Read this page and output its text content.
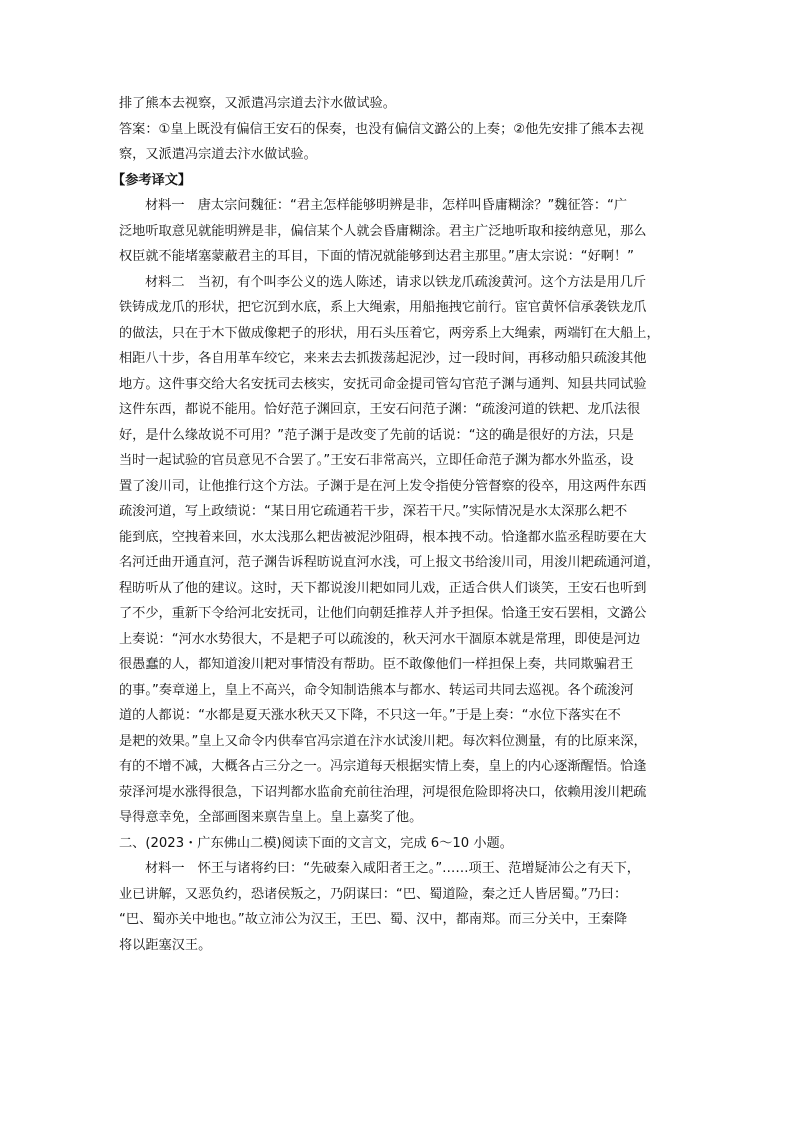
排了熊本去视察，又派遣冯宗道去汴水做试验。
答案：①皇上既没有偏信王安石的保奏，也没有偏信文潞公的上奏；②他先安排了熊本去视
察，又派遣冯宗道去汴水做试验。
【参考译文】
材料一　唐太宗问魏征：“君主怎样能够明辨是非，怎样叫昏庸糊涂？”魏征答：“广
泛地听取意见就能明辨是非，偏信某个人就会昏庸糊涂。君主广泛地听取和接纳意见，那么
权臣就不能堵塞蒙蔽君主的耳目，下面的情况就能够到达君主那里。”唐太宗说：“好啊！”
材料二　当初，有个叫李公义的选人陈述，请求以铁龙爪疏浚黄河。这个方法是用几斤
铁铸成龙爪的形状，把它沉到水底，系上大绳索，用船拖拽它前行。宦官黄怀信承袭铁龙爪
的做法，只在于木下做成像耙子的形状，用石头压着它，两旁系上大绳索，两端钉在大船上，
相距八十步，各自用革车绞它，来来去去抓拨荡起泥沙，过一段时间，再移动船只疏浚其他
地方。这件事交给大名安抚司去核实，安抚司命金提司管勾官范子渊与通判、知县共同试验
这件东西，都说不能用。恰好范子渊回京，王安石问范子渊：“疏浚河道的铁耙、龙爪法很
好，是什么缘故说不可用？”范子渊于是改变了先前的话说：“这的确是很好的方法，只是
当时一起试验的官员意见不合罢了。”王安石非常高兴，立即任命范子渊为都水外监丞，设
置了浚川司，让他推行这个方法。子渊于是在河上发令指使分管督察的役卒，用这两件东西
疏浚河道，写上政绩说：“某日用它疏通若干步，深若干尺。”实际情况是水太深那么耙不
能到底，空拽着来回，水太浅那么耙齿被泥沙阻碍，根本拽不动。恰逢都水监丞程昉要在大
名河迁曲开通直河，范子渊告诉程昉说直河水浅，可上报文书给浚川司，用浚川耙疏通河道，
程昉听从了他的建议。这时，天下都说浚川耙如同儿戏，正适合供人们谈笑，王安石也听到
了不少，重新下令给河北安抚司，让他们向朝廷推荐人并予担保。恰逢王安石罢相，文潞公
上奏说：“河水水势很大，不是耙子可以疏浚的，秋天河水干涸原本就是常理，即使是河边
很愚蠢的人，都知道浚川耙对事情没有帮助。臣不敢像他们一样担保上奏，共同欺骗君王
的事。”奏章递上，皇上不高兴，命令知制诰熊本与都水、转运司共同去巡视。各个疏浚河
道的人都说：“水都是夏天涨水秋天又下降，不只这一年。”于是上奏：“水位下落实在不
是耙的效果。”皇上又命令内供奉官冯宗道在汴水试浚川耙。每次料位测量，有的比原来深，
有的不增不减，大概各占三分之一。冯宗道每天根据实情上奏，皇上的内心逐渐醒悟。恰逢
荥泽河堤水涨得很急，下诏判都水监俞充前往治理，河堤很危险即将决口，依赖用浚川耙疏
导得意幸免，全部画图来禀告皇上。皇上嘉奖了他。
二、(2023・广东佛山二模)阅读下面的文言文，完成 6～10 小题。
材料一　怀王与诸将约曰：“先破秦入咸阳者王之。”……项王、范增疑沛公之有天下，
业已讲解，又恶负约，恐诸侯叛之，乃阴谋曰：“巴、蜀道险，秦之迁人皆居蜀。”乃曰：
“巴、蜀亦关中地也。”故立沛公为汉王，王巴、蜀、汉中，都南郑。而三分关中，王秦降
将以距塞汉王。
